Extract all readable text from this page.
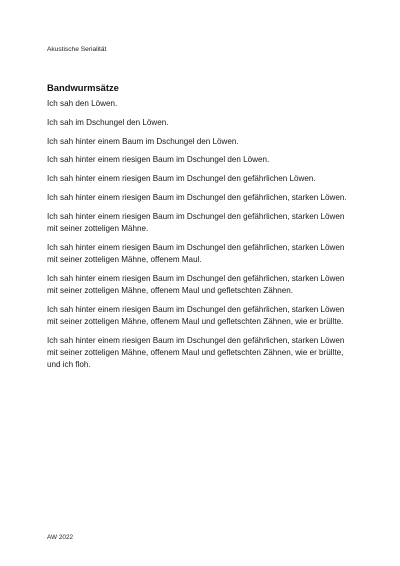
Akustische Serialität
Bandwurmsätze
Ich sah den Löwen.
Ich sah im Dschungel den Löwen.
Ich sah hinter einem Baum im Dschungel den Löwen.
Ich sah hinter einem riesigen Baum im Dschungel den Löwen.
Ich sah hinter einem riesigen Baum im Dschungel den gefährlichen Löwen.
Ich sah hinter einem riesigen Baum im Dschungel den gefährlichen, starken Löwen.
Ich sah hinter einem riesigen Baum im Dschungel den gefährlichen, starken Löwen mit seiner zotteligen Mähne.
Ich sah hinter einem riesigen Baum im Dschungel den gefährlichen, starken Löwen mit seiner zotteligen Mähne, offenem Maul.
Ich sah hinter einem riesigen Baum im Dschungel den gefährlichen, starken Löwen mit seiner zotteligen Mähne, offenem Maul und gefletschten Zähnen.
Ich sah hinter einem riesigen Baum im Dschungel den gefährlichen, starken Löwen mit seiner zotteligen Mähne, offenem Maul und gefletschten Zähnen, wie er brüllte.
Ich sah hinter einem riesigen Baum im Dschungel den gefährlichen, starken Löwen mit seiner zotteligen Mähne, offenem Maul und gefletschten Zähnen, wie er brüllte, und ich floh.
AW 2022
